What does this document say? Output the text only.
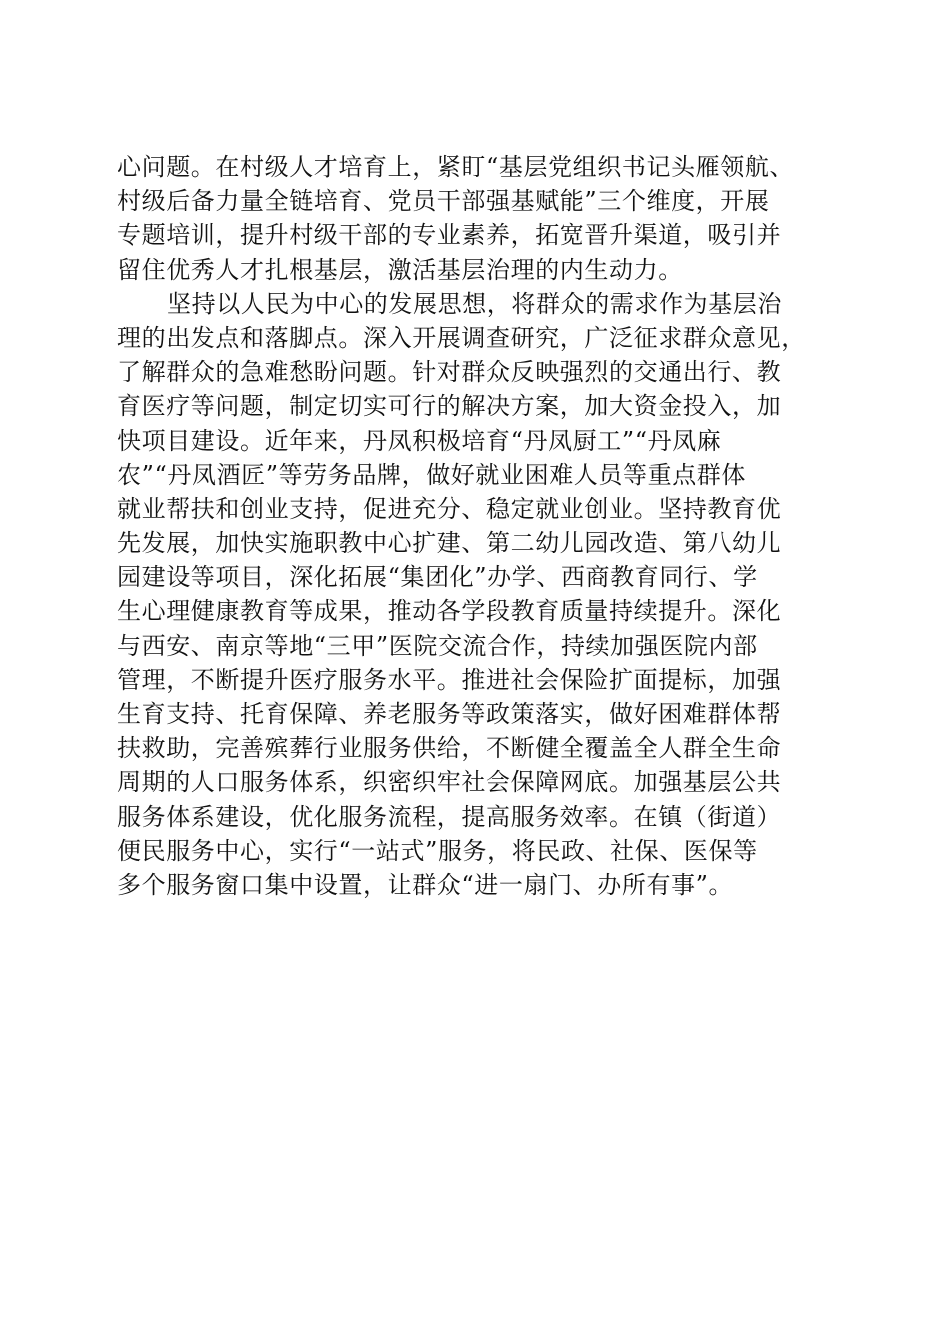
心问题。在村级人才培育上，紧盯“基层党组织书记头雁领航、
村级后备力量全链培育、党员干部强基赋能”三个维度，开展
专题培训，提升村级干部的专业素养，拓宽晋升渠道，吸引并
留住优秀人才扎根基层，激活基层治理的内生动力。
坚持以人民为中心的发展思想，将群众的需求作为基层治
理的出发点和落脚点。深入开展调查研究，广泛征求群众意见，
了解群众的急难愁盼问题。针对群众反映强烈的交通出行、教
育医疗等问题，制定切实可行的解决方案，加大资金投入，加
快项目建设。近年来，丹凤积极培育“丹凤厨工”“丹凤麻
农”“丹凤酒匠”等劳务品牌，做好就业困难人员等重点群体
就业帮扶和创业支持，促进充分、稳定就业创业。坚持教育优
先发展，加快实施职教中心扩建、第二幼儿园改造、第八幼儿
园建设等项目，深化拓展“集团化”办学、西商教育同行、学
生心理健康教育等成果，推动各学段教育质量持续提升。深化
与西安、南京等地“三甲”医院交流合作，持续加强医院内部
管理，不断提升医疗服务水平。推进社会保险扩面提标，加强
生育支持、托育保障、养老服务等政策落实，做好困难群体帮
扶救助，完善殡葬行业服务供给，不断健全覆盖全人群全生命
周期的人口服务体系，织密织牢社会保障网底。加强基层公共
服务体系建设，优化服务流程，提高服务效率。在镇（街道）
便民服务中心，实行“一站式”服务，将民政、社保、医保等
多个服务窗口集中设置，让群众“进一扇门、办所有事”。
